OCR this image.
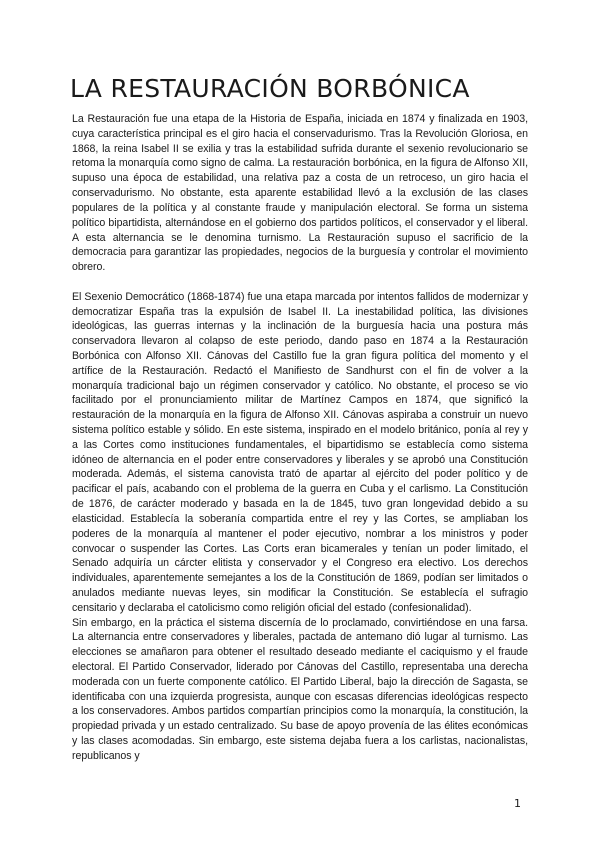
LA RESTAURACIÓN BORBÓNICA

La Restauración fue una etapa de la Historia de España, iniciada en 1874 y finalizada en 1903, cuya característica principal es el giro hacia el conservadurismo. Tras la Revolución Gloriosa, en 1868, la reina Isabel II se exilia y tras la estabilidad sufrida durante el sexenio revolucionario se retoma la monarquía como signo de calma. La restauración borbónica, en la figura de Alfonso XII, supuso una época de estabilidad, una relativa paz a costa de un retroceso, un giro hacia el conservadurismo. No obstante, esta aparente estabilidad llevó a la exclusión de las clases populares de la política y al constante fraude y manipulación electoral. Se forma un sistema político bipartidista, alternándose en el gobierno dos partidos políticos, el conservador y el liberal. A esta alternancia se le denomina turnismo. La Restauración supuso el sacrificio de la democracia para garantizar las propiedades, negocios de la burguesía y controlar el movimiento obrero.

El Sexenio Democrático (1868-1874) fue una etapa marcada por intentos fallidos de modernizar y democratizar España tras la expulsión de Isabel II. La inestabilidad política, las divisiones ideológicas, las guerras internas y la inclinación de la burguesía hacia una postura más conservadora llevaron al colapso de este periodo, dando paso en 1874 a la Restauración Borbónica con Alfonso XII. Cánovas del Castillo fue la gran figura política del momento y el artífice de la Restauración. Redactó el Manifiesto de Sandhurst con el fin de volver a la monarquía tradicional bajo un régimen conservador y católico. No obstante, el proceso se vio facilitado por el pronunciamiento militar de Martínez Campos en 1874, que significó la restauración de la monarquía en la figura de Alfonso XII. Cánovas aspiraba a construir un nuevo sistema político estable y sólido. En este sistema, inspirado en el modelo británico, ponía al rey y a las Cortes como instituciones fundamentales, el bipartidismo se establecía como sistema idóneo de alternancia en el poder entre conservadores y liberales y se aprobó una Constitución moderada. Además, el sistema canovista trató de apartar al ejército del poder político y de pacificar el país, acabando con el problema de la guerra en Cuba y el carlismo. La Constitución de 1876, de carácter moderado y basada en la de 1845, tuvo gran longevidad debido a su elasticidad. Establecía la soberanía compartida entre el rey y las Cortes, se ampliaban los poderes de la monarquía al mantener el poder ejecutivo, nombrar a los ministros y poder convocar o suspender las Cortes. Las Corts eran bicamerales y tenían un poder limitado, el Senado adquiría un cárcter elitista y conservador y el Congreso era electivo. Los derechos individuales, aparentemente semejantes a los de la Constitución de 1869, podían ser limitados o anulados mediante nuevas leyes, sin modificar la Constitución. Se establecía el sufragio censitario y declaraba el catolicismo como religión oficial del estado (confesionalidad).

Sin embargo, en la práctica el sistema discernía de lo proclamado, convirtiéndose en una farsa. La alternancia entre conservadores y liberales, pactada de antemano dió lugar al turnismo. Las elecciones se amañaron para obtener el resultado deseado mediante el caciquismo y el fraude electoral. El Partido Conservador, liderado por Cánovas del Castillo, representaba una derecha moderada con un fuerte componente católico. El Partido Liberal, bajo la dirección de Sagasta, se identificaba con una izquierda progresista, aunque con escasas diferencias ideológicas respecto a los conservadores. Ambos partidos compartían principios como la monarquía, la constitución, la propiedad privada y un estado centralizado. Su base de apoyo provenía de las élites económicas y las clases acomodadas. Sin embargo, este sistema dejaba fuera a los carlistas, nacionalistas, republicanos y

1
